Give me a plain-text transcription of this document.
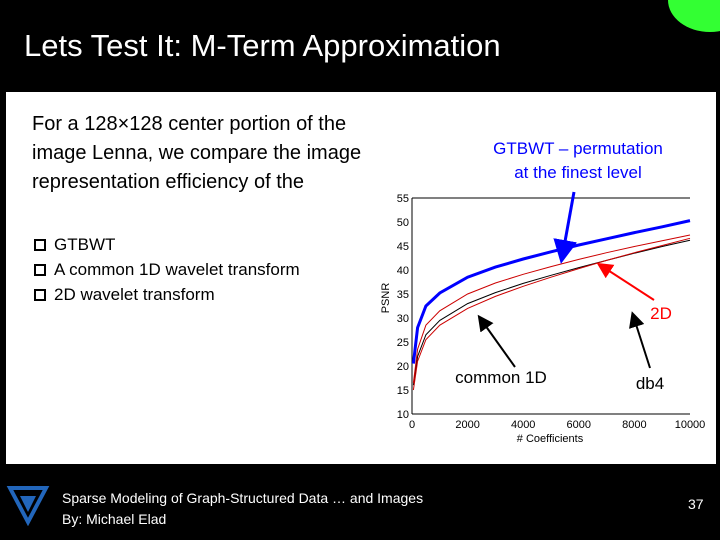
Lets Test It: M-Term Approximation
For a 128×128 center portion of the image Lenna, we compare the image representation efficiency of the
GTBWT
A common 1D wavelet transform
2D wavelet transform
10
15
20
25
30
35
40
45
50
55
0	2000	4000	6000	8000	10000
PSNR
# Coefficients
GTBWT – permutation
at the finest level
2D
common 1D	db4
Sparse Modeling of Graph-Structured Data … and Images
By: Michael Elad
37
